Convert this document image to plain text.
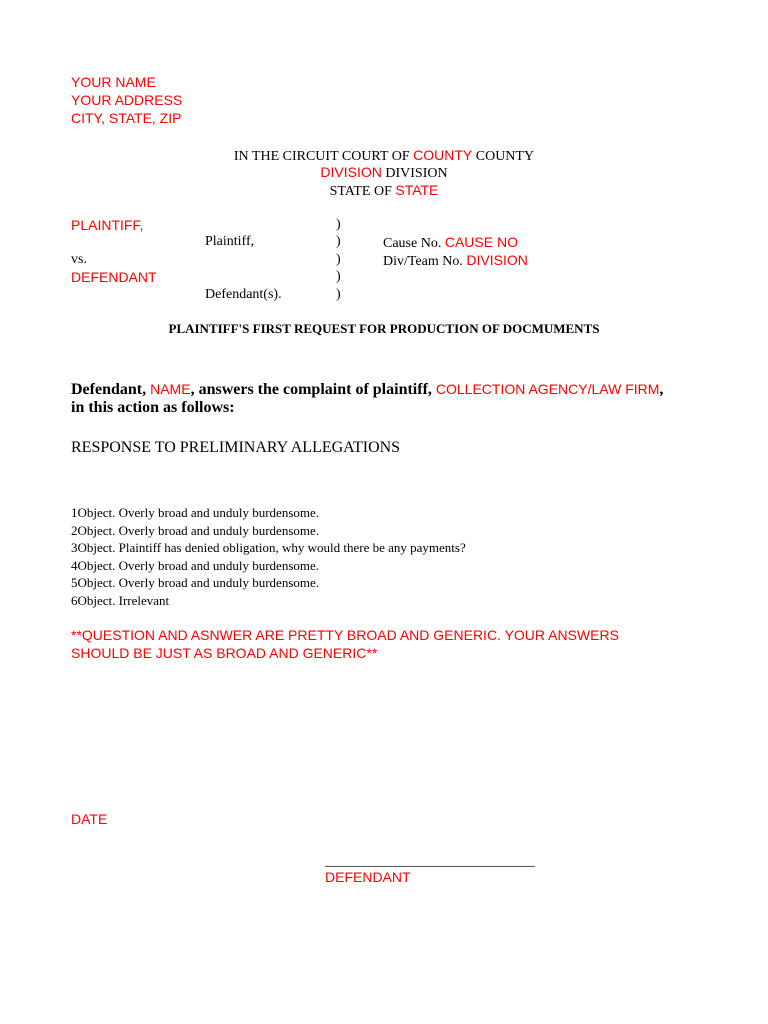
YOUR NAME
YOUR ADDRESS
CITY, STATE, ZIP
IN THE CIRCUIT COURT OF COUNTY COUNTY
DIVISION DIVISION
STATE OF STATE
PLAINTIFF,
Plaintiff,
vs.
DEFENDANT
Defendant(s).
)
)
)
)
)
Cause No. CAUSE NO
Div/Team No. DIVISION
PLAINTIFF'S FIRST REQUEST FOR PRODUCTION OF DOCMUMENTS
Defendant, NAME, answers the complaint of plaintiff, COLLECTION AGENCY/LAW FIRM,
in this action as follows:
RESPONSE TO PRELIMINARY ALLEGATIONS
1Object. Overly broad and unduly burdensome.
2Object. Overly broad and unduly burdensome.
3Object. Plaintiff has denied obligation, why would there be any payments?
4Object. Overly broad and unduly burdensome.
5Object. Overly broad and unduly burdensome.
6Object. Irrelevant
**QUESTION AND ASNWER ARE PRETTY BROAD AND GENERIC. YOUR ANSWERS
SHOULD BE JUST AS BROAD AND GENERIC**
DATE
______________________________
DEFENDANT
